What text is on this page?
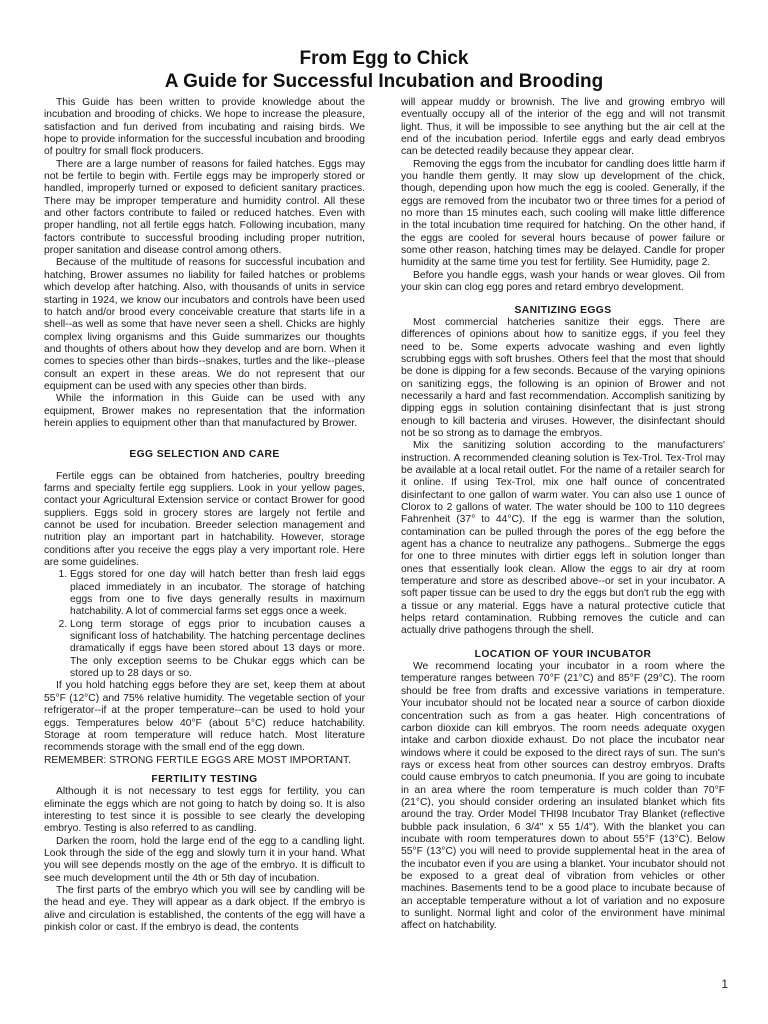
From Egg to Chick
A Guide for Successful Incubation and Brooding

This Guide has been written to provide knowledge about the incubation and brooding of chicks. We hope to increase the pleasure, satisfaction and fun derived from incubating and raising birds. We hope to provide information for the successful incubation and brooding of poultry for small flock producers.

There are a large number of reasons for failed hatches. Eggs may not be fertile to begin with. Fertile eggs may be improperly stored or handled, improperly turned or exposed to deficient sanitary practices. There may be improper temperature and humidity control. All these and other factors contribute to failed or reduced hatches. Even with proper handling, not all fertile eggs hatch. Following incubation, many factors contribute to successful brooding including proper nutrition, proper sanitation and disease control among others.

Because of the multitude of reasons for successful incubation and hatching, Brower assumes no liability for failed hatches or problems which develop after hatching. Also, with thousands of units in service starting in 1924, we know our incubators and controls have been used to hatch and/or brood every conceivable creature that starts life in a shell--as well as some that have never seen a shell. Chicks are highly complex living organisms and this Guide summarizes our thoughts and thoughts of others about how they develop and are born. When it comes to species other than birds--snakes, turtles and the like--please consult an expert in these areas. We do not represent that our equipment can be used with any species other than birds.

While the information in this Guide can be used with any equipment, Brower makes no representation that the information herein applies to equipment other than that manufactured by Brower.

EGG SELECTION AND CARE

Fertile eggs can be obtained from hatcheries, poultry breeding farms and specialty fertile egg suppliers. Look in your yellow pages, contact your Agricultural Extension service or contact Brower for good suppliers. Eggs sold in grocery stores are largely not fertile and cannot be used for incubation. Breeder selection management and nutrition play an important part in hatchability. However, storage conditions after you receive the eggs play a very important role. Here are some guidelines.

1. Eggs stored for one day will hatch better than fresh laid eggs placed immediately in an incubator. The storage of hatching eggs from one to five days generally results in maximum hatchability. A lot of commercial farms set eggs once a week.
2. Long term storage of eggs prior to incubation causes a significant loss of hatchability. The hatching percentage declines dramatically if eggs have been stored about 13 days or more. The only exception seems to be Chukar eggs which can be stored up to 28 days or so.

If you hold hatching eggs before they are set, keep them at about 55°F (12°C) and 75% relative humidity. The vegetable section of your refrigerator--if at the proper temperature--can be used to hold your eggs. Temperatures below 40°F (about 5°C) reduce hatchability. Storage at room temperature will reduce hatch. Most literature recommends storage with the small end of the egg down.

REMEMBER: STRONG FERTILE EGGS ARE MOST IMPORTANT.

FERTILITY TESTING

Although it is not necessary to test eggs for fertility, you can eliminate the eggs which are not going to hatch by doing so. It is also interesting to test since it is possible to see clearly the developing embryo. Testing is also referred to as candling.

Darken the room, hold the large end of the egg to a candling light. Look through the side of the egg and slowly turn it in your hand. What you will see depends mostly on the age of the embryo. It is difficult to see much development until the 4th or 5th day of incubation.

The first parts of the embryo which you will see by candling will be the head and eye. They will appear as a dark object. If the embryo is alive and circulation is established, the contents of the egg will have a pinkish color or cast. If the embryo is dead, the contents

will appear muddy or brownish. The live and growing embryo will eventually occupy all of the interior of the egg and will not transmit light. Thus, it will be impossible to see anything but the air cell at the end of the incubation period. Infertile eggs and early dead embryos can be detected readily because they appear clear.

Removing the eggs from the incubator for candling does little harm if you handle them gently. It may slow up development of the chick, though, depending upon how much the egg is cooled. Generally, if the eggs are removed from the incubator two or three times for a period of no more than 15 minutes each, such cooling will make little difference in the total incubation time required for hatching. On the other hand, if the eggs are cooled for several hours because of power failure or some other reason, hatching times may be delayed. Candle for proper humidity at the same time you test for fertility. See Humidity, page 2.

Before you handle eggs, wash your hands or wear gloves. Oil from your skin can clog egg pores and retard embryo development.

SANITIZING EGGS

Most commercial hatcheries sanitize their eggs. There are differences of opinions about how to sanitize eggs, if you feel they need to be. Some experts advocate washing and even lightly scrubbing eggs with soft brushes. Others feel that the most that should be done is dipping for a few seconds. Because of the varying opinions on sanitizing eggs, the following is an opinion of Brower and not necessarily a hard and fast recommendation. Accomplish sanitizing by dipping eggs in solution containing disinfectant that is just strong enough to kill bacteria and viruses. However, the disinfectant should not be so strong as to damage the embryos.

Mix the sanitizing solution according to the manufacturers' instruction. A recommended cleaning solution is Tex-Trol. Tex-Trol may be available at a local retail outlet. For the name of a retailer search for it online. If using Tex-Trol, mix one half ounce of concentrated disinfectant to one gallon of warm water. You can also use 1 ounce of Clorox to 2 gallons of water. The water should be 100 to 110 degrees Fahrenheit (37° to 44°C). If the egg is warmer than the solution, contamination can be pulled through the pores of the egg before the agent has a chance to neutralize any pathogens.. Submerge the eggs for one to three minutes with dirtier eggs left in solution longer than ones that essentially look clean. Allow the eggs to air dry at room temperature and store as described above--or set in your incubator. A soft paper tissue can be used to dry the eggs but don't rub the egg with a tissue or any material. Eggs have a natural protective cuticle that helps retard contamination. Rubbing removes the cuticle and can actually drive pathogens through the shell.

LOCATION OF YOUR INCUBATOR

We recommend locating your incubator in a room where the temperature ranges between 70°F (21°C) and 85°F (29°C). The room should be free from drafts and excessive variations in temperature. Your incubator should not be located near a source of carbon dioxide concentration such as from a gas heater. High concentrations of carbon dioxide can kill embryos. The room needs adequate oxygen intake and carbon dioxide exhaust. Do not place the incubator near windows where it could be exposed to the direct rays of sun. The sun's rays or excess heat from other sources can destroy embryos. Drafts could cause embryos to catch pneumonia. If you are going to incubate in an area where the room temperature is much colder than 70°F (21°C), you should consider ordering an insulated blanket which fits around the tray. Order Model THI98 Incubator Tray Blanket (reflective bubble pack insulation, 6 3/4" x 55 1/4"). With the blanket you can incubate with room temperatures down to about 55°F (13°C). Below 55°F (13°C) you will need to provide supplemental heat in the area of the incubator even if you are using a blanket. Your incubator should not be exposed to a great deal of vibration from vehicles or other machines. Basements tend to be a good place to incubate because of an acceptable temperature without a lot of variation and no exposure to sunlight. Normal light and color of the environment have minimal affect on hatchability.

1
